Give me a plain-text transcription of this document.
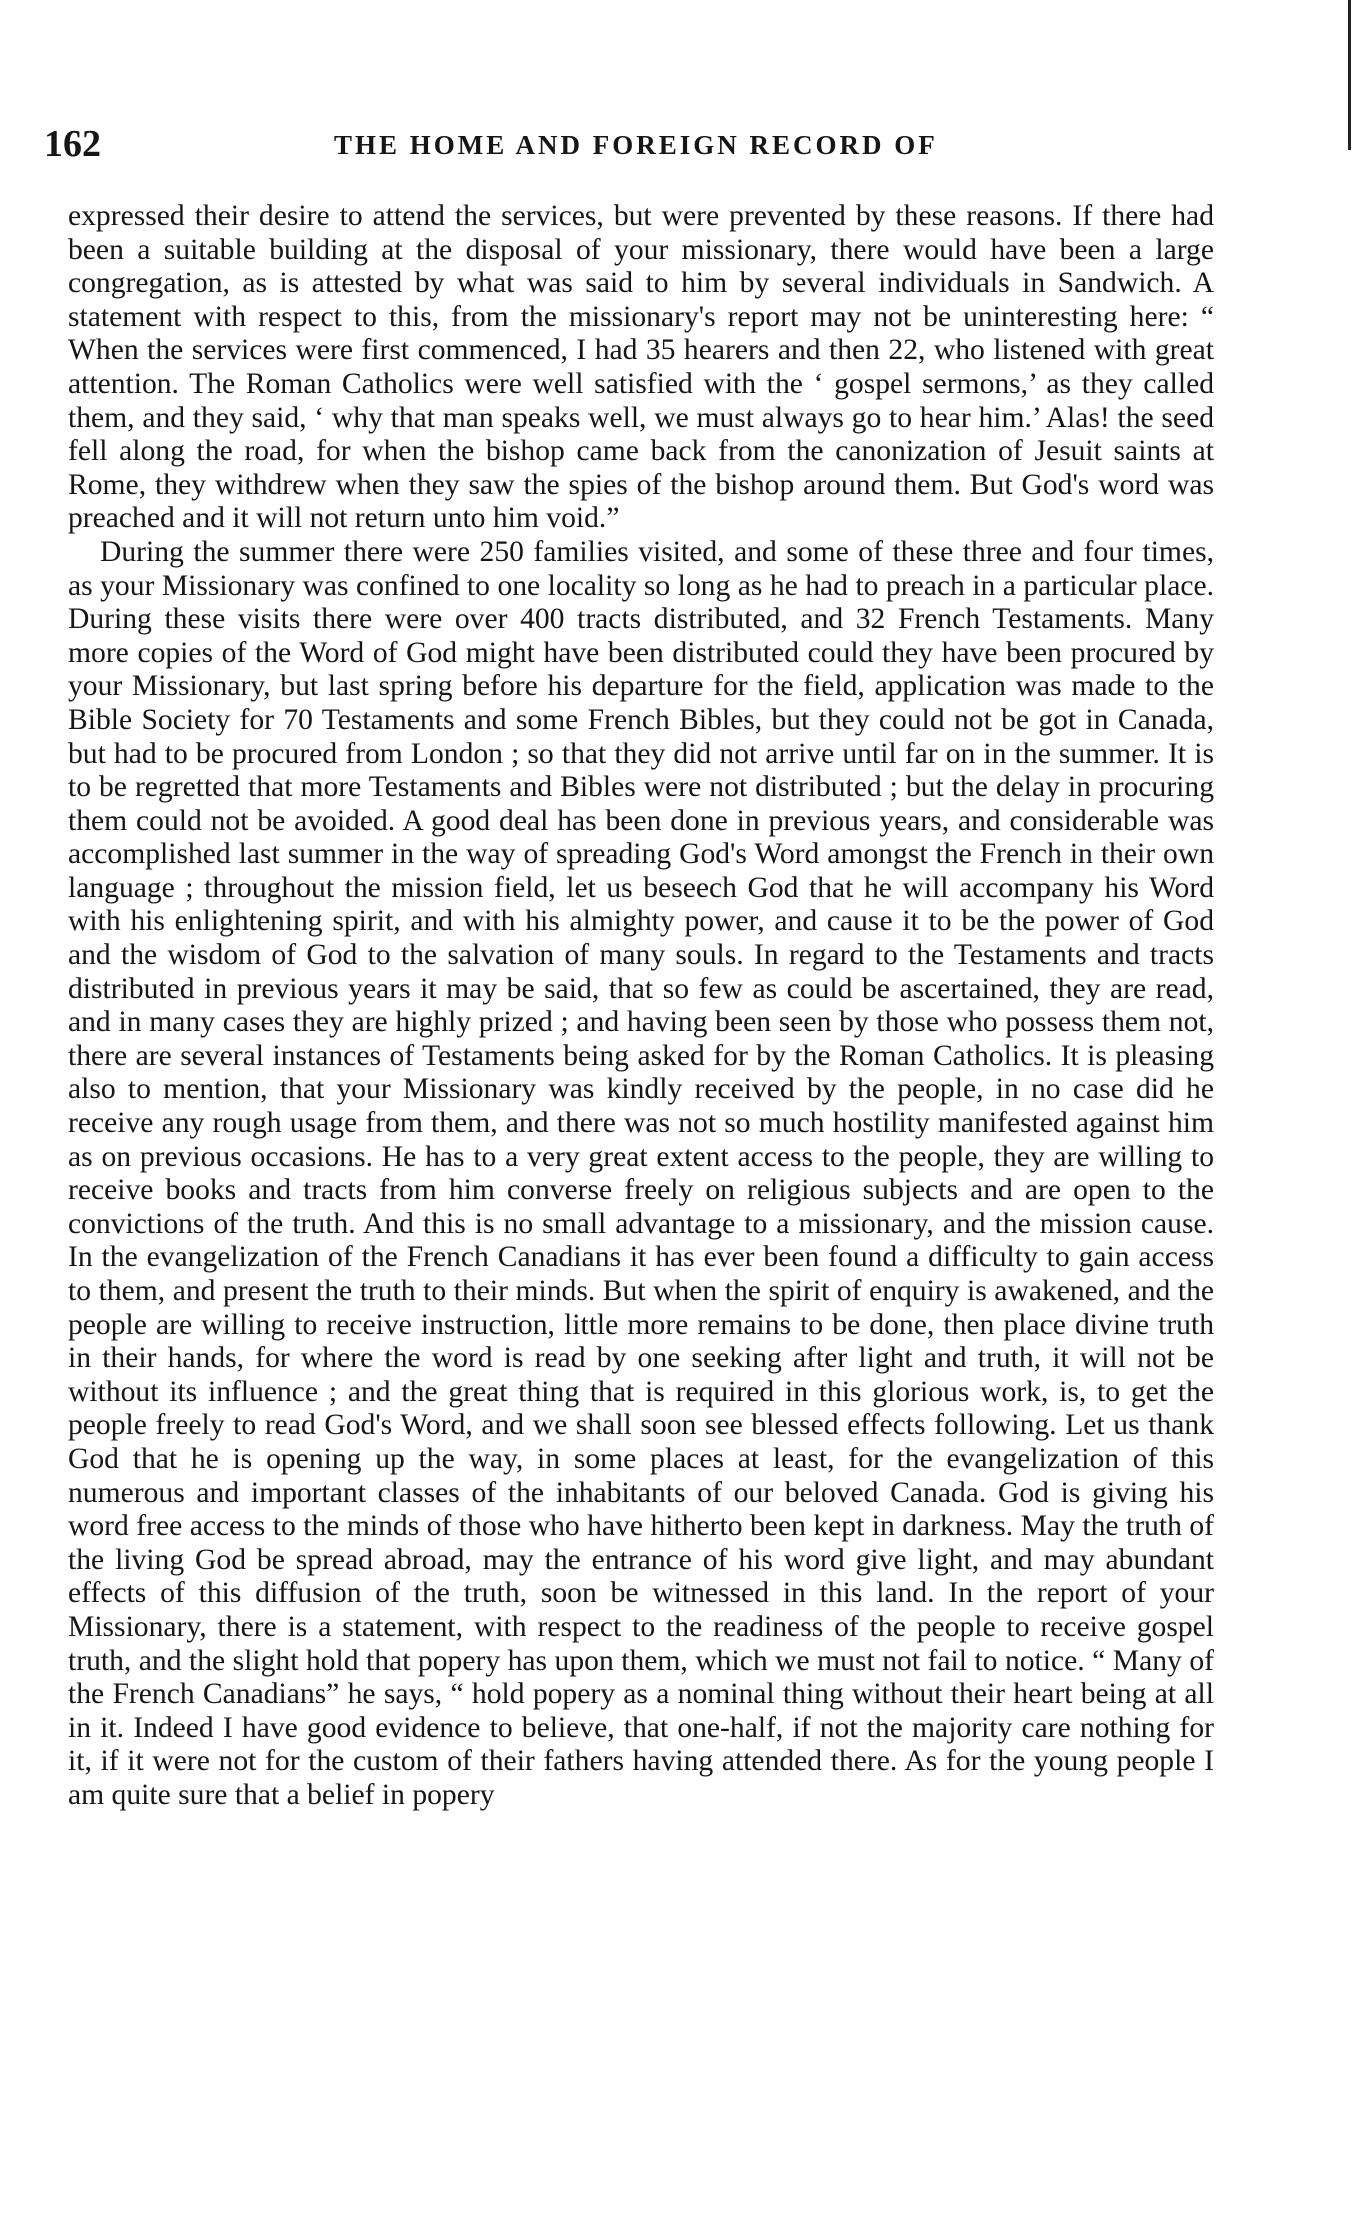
162	THE HOME AND FOREIGN RECORD OF

expressed their desire to attend the services, but were prevented by these reasons. If there had been a suitable building at the disposal of your missionary, there would have been a large congregation, as is attested by what was said to him by several individuals in Sandwich. A statement with respect to this, from the missionary's report may not be uninteresting here: “ When the services were first commenced, I had 35 hearers and then 22, who listened with great attention. The Roman Catholics were well satisfied with the ‘ gospel sermons,’ as they called them, and they said, ‘ why that man speaks well, we must always go to hear him.’ Alas! the seed fell along the road, for when the bishop came back from the canonization of Jesuit saints at Rome, they withdrew when they saw the spies of the bishop around them. But God's word was preached and it will not return unto him void.”

During the summer there were 250 families visited, and some of these three and four times, as your Missionary was confined to one locality so long as he had to preach in a particular place. During these visits there were over 400 tracts distributed, and 32 French Testaments. Many more copies of the Word of God might have been distributed could they have been procured by your Missionary, but last spring before his departure for the field, application was made to the Bible Society for 70 Testaments and some French Bibles, but they could not be got in Canada, but had to be procured from London ; so that they did not arrive until far on in the summer. It is to be regretted that more Testaments and Bibles were not distributed ; but the delay in procuring them could not be avoided. A good deal has been done in previous years, and considerable was accomplished last summer in the way of spreading God's Word amongst the French in their own language ; throughout the mission field, let us beseech God that he will accompany his Word with his enlightening spirit, and with his almighty power, and cause it to be the power of God and the wisdom of God to the salvation of many souls. In regard to the Testaments and tracts distributed in previous years it may be said, that so few as could be ascertained, they are read, and in many cases they are highly prized ; and having been seen by those who possess them not, there are several instances of Testaments being asked for by the Roman Catholics. It is pleasing also to mention, that your Missionary was kindly received by the people, in no case did he receive any rough usage from them, and there was not so much hostility manifested against him as on previous occasions. He has to a very great extent access to the people, they are willing to receive books and tracts from him converse freely on religious subjects and are open to the convictions of the truth. And this is no small advantage to a missionary, and the mission cause. In the evangelization of the French Canadians it has ever been found a difficulty to gain access to them, and present the truth to their minds. But when the spirit of enquiry is awakened, and the people are willing to receive instruction, little more remains to be done, then place divine truth in their hands, for where the word is read by one seeking after light and truth, it will not be without its influence ; and the great thing that is required in this glorious work, is, to get the people freely to read God's Word, and we shall soon see blessed effects following. Let us thank God that he is opening up the way, in some places at least, for the evangelization of this numerous and important classes of the inhabitants of our beloved Canada. God is giving his word free access to the minds of those who have hitherto been kept in darkness. May the truth of the living God be spread abroad, may the entrance of his word give light, and may abundant effects of this diffusion of the truth, soon be witnessed in this land. In the report of your Missionary, there is a statement, with respect to the readiness of the people to receive gospel truth, and the slight hold that popery has upon them, which we must not fail to notice. “ Many of the French Canadians” he says, “ hold popery as a nominal thing without their heart being at all in it. Indeed I have good evidence to believe, that one-half, if not the majority care nothing for it, if it were not for the custom of their fathers having attended there. As for the young people I am quite sure that a belief in popery
